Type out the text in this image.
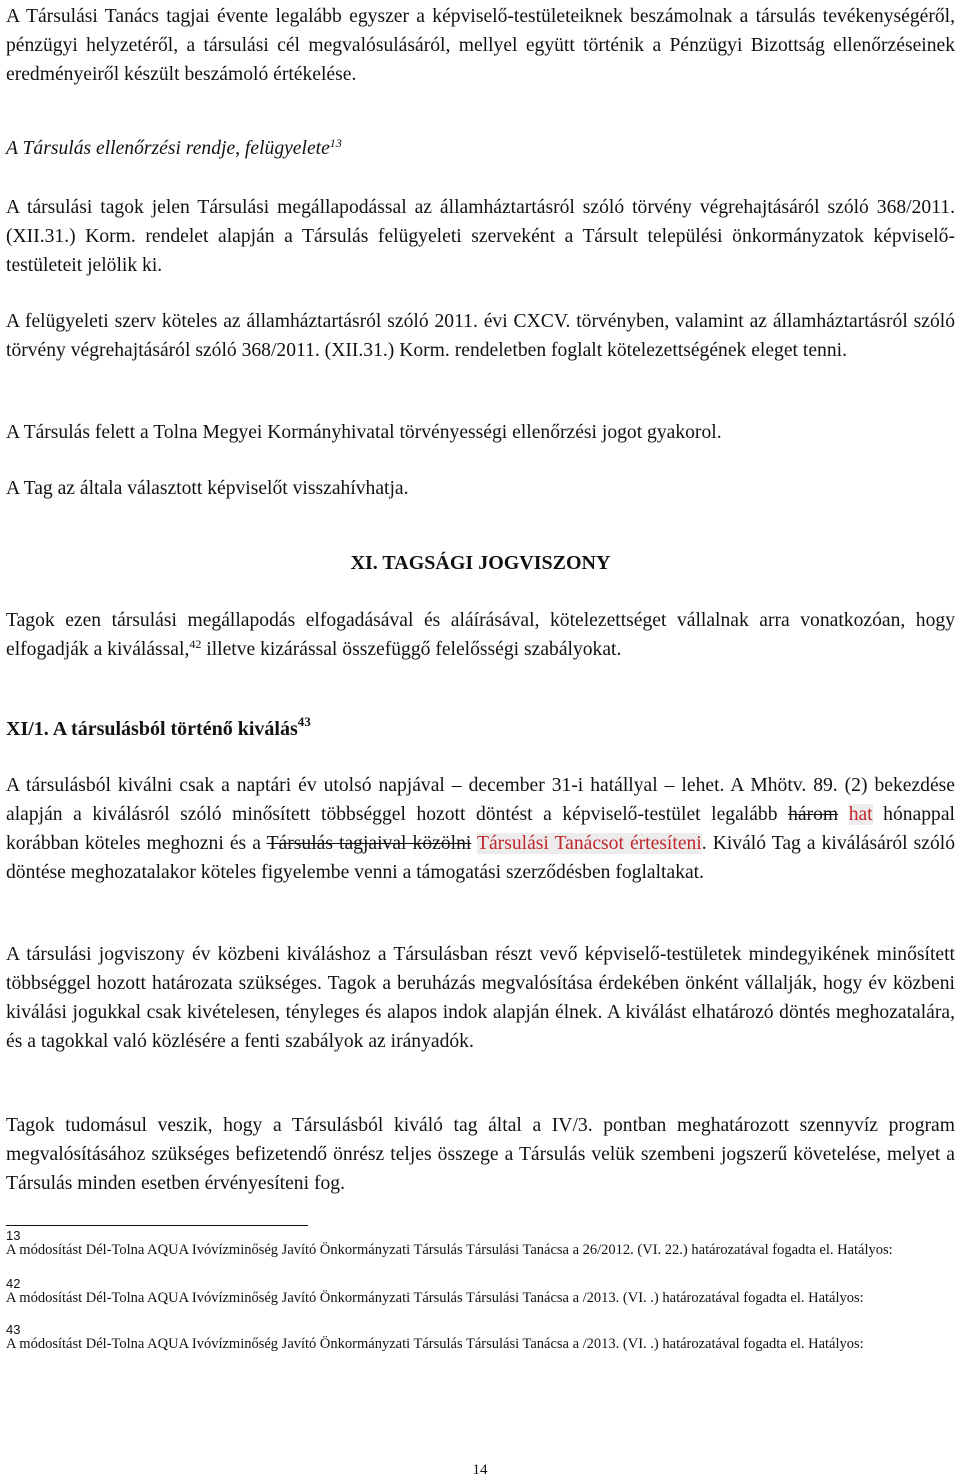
A Társulási Tanács tagjai évente legalább egyszer a képviselő-testületeiknek beszámolnak a társulás tevékenységéről, pénzügyi helyzetéről, a társulási cél megvalósulásáról, mellyel együtt történik a Pénzügyi Bizottság ellenőrzéseinek eredményeiről készült beszámoló értékelése.

A Társulás ellenőrzési rendje, felügyelete$^{13}$

A társulási tagok jelen Társulási megállapodással az államháztartásról szóló törvény végrehajtásáról szóló 368/2011. (XII.31.) Korm. rendelet alapján a Társulás felügyeleti szerveként a Társult települési önkormányzatok képviselő-testületeit jelölik ki.

A felügyeleti szerv köteles az államháztartásról szóló 2011. évi CXCV. törvényben, valamint az államháztartásról szóló törvény végrehajtásáról szóló 368/2011. (XII.31.) Korm. rendeletben foglalt kötelezettségének eleget tenni.

A Társulás felett a Tolna Megyei Kormányhivatal törvényességi ellenőrzési jogot gyakorol.

A Tag az általa választott képviselőt visszahívhatja.

XI. TAGSÁGI JOGVISZONY

Tagok ezen társulási megállapodás elfogadásával és aláírásával, kötelezettséget vállalnak arra vonatkozóan, hogy elfogadják a kiválással,$^{42}$ illetve kizárással összefüggő felelősségi szabályokat.

XI/1. A társulásból történő kiválás$^{43}$

A társulásból kiválni csak a naptári év utolsó napjával – december 31-i hatállyal – lehet. A Mhötv. 89. (2) bekezdése alapján a kiválásról szóló minősített többséggel hozott döntést a képviselő-testület legalább három hat hónappal korábban köteles meghozni és a Társulás tagjaival közölni Társulási Tanácsot értesíteni. Kiváló Tag a kiválásáról szóló döntése meghozatalakor köteles figyelembe venni a támogatási szerződésben foglaltakat.

A társulási jogviszony év közbeni kiváláshoz a Társulásban részt vevő képviselő-testületek mindegyikének minősített többséggel hozott határozata szükséges. Tagok a beruházás megvalósítása érdekében önként vállalják, hogy év közbeni kiválási jogukkal csak kivételesen, tényleges és alapos indok alapján élnek. A kiválást elhatározó döntés meghozatalára, és a tagokkal való közlésére a fenti szabályok az irányadók.

Tagok tudomásul veszik, hogy a Társulásból kiváló tag által a IV/3. pontban meghatározott szennyvíz program megvalósításához szükséges befizetendő önrész teljes összege a Társulás velük szembeni jogszerű követelése, melyet a Társulás minden esetben érvényesíteni fog.

13
A módosítást Dél-Tolna AQUA Ivóvízminőség Javító Önkormányzati Társulás Társulási Tanácsa a 26/2012. (VI. 22.) határozatával fogadta el. Hatályos:
42
A módosítást Dél-Tolna AQUA Ivóvízminőség Javító Önkormányzati Társulás Társulási Tanácsa a /2013. (VI. .) határozatával fogadta el. Hatályos:
43
A módosítást Dél-Tolna AQUA Ivóvízminőség Javító Önkormányzati Társulás Társulási Tanácsa a /2013. (VI. .) határozatával fogadta el. Hatályos:
14
